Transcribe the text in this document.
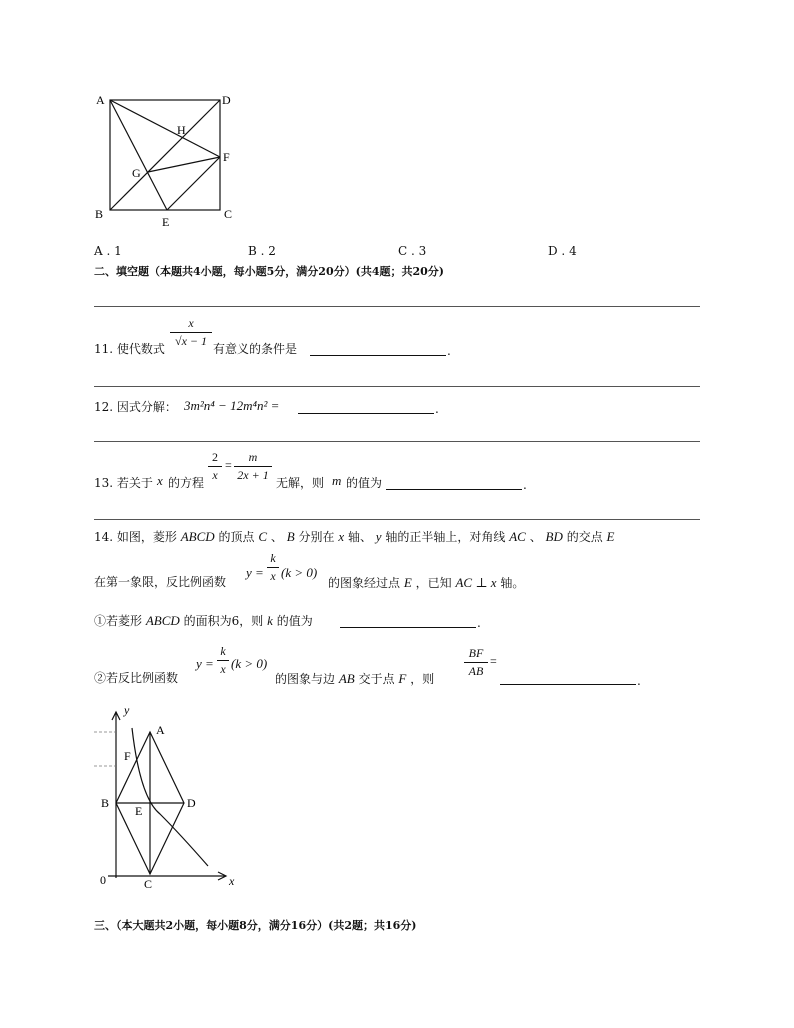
A	D
H
F
G
B
E
C
A . 1	B . 2	C . 3	D . 4
二、填空题（本题共4小题，每小题5分，满分20分）(共4题；共20分)
11. 使代数式
x
√x − 1
有意义的条件是	.
12. 因式分解： 3m²n⁴ − 12m⁴n² =	.
13. 若关于 x 的方程
2
x
=
m
2x + 1
无解，则 m 的值为	.
14. 如图，菱形 ABCD 的顶点 C 、 B 分别在 x 轴、 y 轴的正半轴上，对角线 AC 、 BD 的交点 E
在第一象限，反比例函数
y =
k
x (k > 0)
的图象经过点 E ，已知 AC ⊥ x 轴。
①若菱形 ABCD 的面积为6，则 k 的值为	.
②若反比例函数
y =
k
x (k > 0)
的图象与边 AB 交于点 F ，则
BF
AB
=
.
y
A
F
B
E
D
0	C	x
三、（本大题共2小题，每小题8分，满分16分）(共2题；共16分)
